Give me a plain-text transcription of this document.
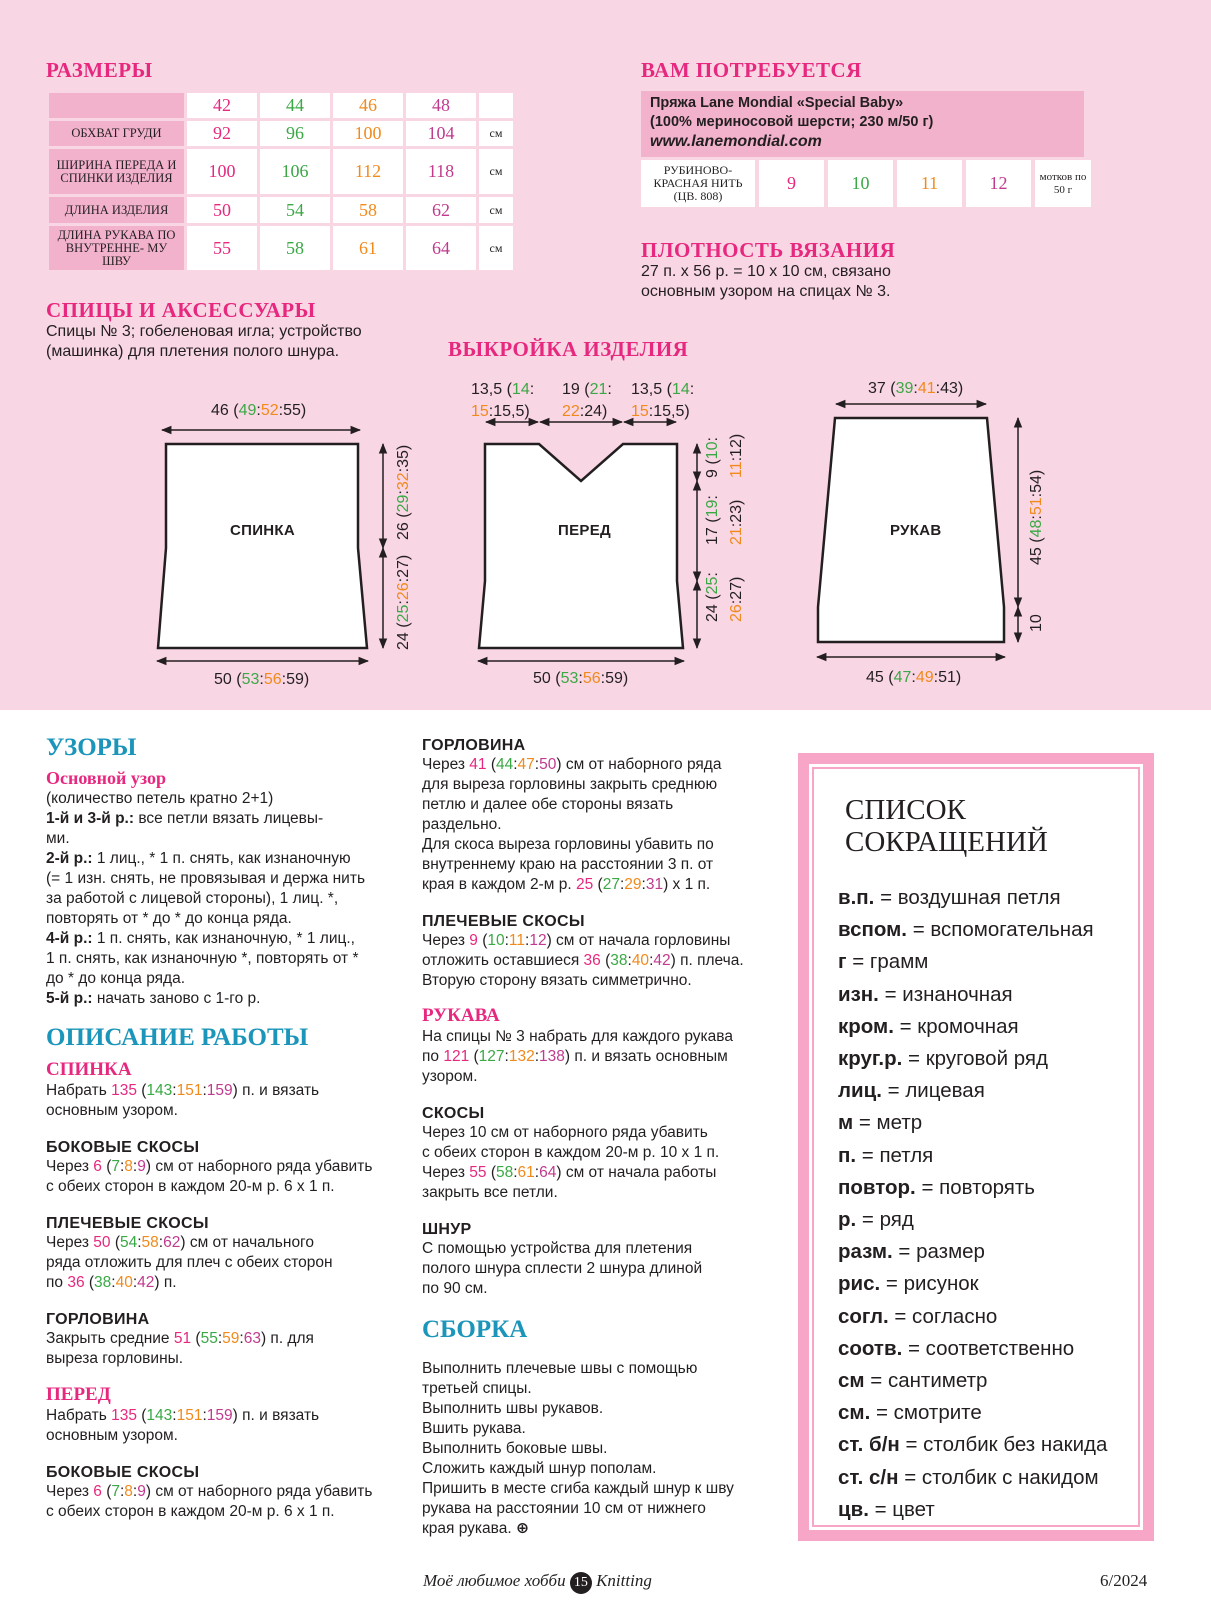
РАЗМЕРЫ
	42	44	46	48	
ОБХВАТ ГРУДИ	92	96	100	104	см
ШИРИНА ПЕРЕДА И СПИНКИ ИЗДЕЛИЯ	100	106	112	118	см
ДЛИНА ИЗДЕЛИЯ	50	54	58	62	см
ДЛИНА РУКАВА ПО ВНУТРЕННЕ- МУ ШВУ	55	58	61	64	см
ВАМ ПОТРЕБУЕТСЯ
Пряжа Lane Mondial «Special Baby»
(100% мериносовой шерсти; 230 м/50 г)
www.lanemondial.com
РУБИНОВО-КРАСНАЯ НИТЬ (ЦВ. 808)
9	10	11	12	мотков по 50 г
ПЛОТНОСТЬ ВЯЗАНИЯ
27 п. х 56 р. = 10 х 10 см, связано
основным узором на спицах № 3.
СПИЦЫ И АКСЕССУАРЫ
Спицы № 3; гобеленовая игла; устройство
(машинка) для плетения полого шнура.	ВЫКРОЙКА ИЗДЕЛИЯ
46 (49:52:55)
50 (53:56:59)	50 (53:56:59)	45 (47:49:51)
37 (39:41:43)
13,5 (14:
15:15,5)
19 (21:
22:24)
13,5 (14:
15:15,5)
26 (29:32:35)
24 (25:26:27)
9 (10:
11:12)
17 (19:
21:23)
24 (25:
26:27)
45 (48:51:54)
10
СПИНКА	ПЕРЕД	РУКАВ
УЗОРЫ
Основной узор
(количество петель кратно 2+1)
1-й и 3-й р.: все петли вязать лицевы-
ми.
2-й р.: 1 лиц., * 1 п. снять, как изнаночную
(= 1 изн. снять, не провязывая и держа нить
за работой с лицевой стороны), 1 лиц. *,
повторять от * до * до конца ряда.
4-й р.: 1 п. снять, как изнаночную, * 1 лиц.,
1 п. снять, как изнаночную *, повторять от *
до * до конца ряда.
5-й р.: начать заново с 1-го р.
ОПИСАНИЕ РАБОТЫ
СПИНКА
Набрать 135 (143:151:159) п. и вязать
основным узором.
БОКОВЫЕ СКОСЫ
Через 6 (7:8:9) см от наборного ряда убавить
с обеих сторон в каждом 20-м р. 6 х 1 п.
ПЛЕЧЕВЫЕ СКОСЫ
Через 50 (54:58:62) см от начального
ряда отложить для плеч с обеих сторон
по 36 (38:40:42) п.
ГОРЛОВИНА
Закрыть средние 51 (55:59:63) п. для
выреза горловины.
ПЕРЕД
Набрать 135 (143:151:159) п. и вязать
основным узором.
БОКОВЫЕ СКОСЫ
Через 6 (7:8:9) см от наборного ряда убавить
с обеих сторон в каждом 20-м р. 6 х 1 п.
ГОРЛОВИНА
Через 41 (44:47:50) см от наборного ряда
для выреза горловины закрыть среднюю
петлю и далее обе стороны вязать
раздельно.
Для скоса выреза горловины убавить по
внутреннему краю на расстоянии 3 п. от
края в каждом 2-м р. 25 (27:29:31) х 1 п.
ПЛЕЧЕВЫЕ СКОСЫ
Через 9 (10:11:12) см от начала горловины
отложить оставшиеся 36 (38:40:42) п. плеча.
Вторую сторону вязать симметрично.
РУКАВА
На спицы № 3 набрать для каждого рукава
по 121 (127:132:138) п. и вязать основным
узором.
СКОСЫ
Через 10 см от наборного ряда убавить
с обеих сторон в каждом 20-м р. 10 х 1 п.
Через 55 (58:61:64) см от начала работы
закрыть все петли.
ШНУР
С помощью устройства для плетения
полого шнура сплести 2 шнура длиной
по 90 см.
СБОРКА
Выполнить плечевые швы с помощью
третьей спицы.
Выполнить швы рукавов.
Вшить рукава.
Выполнить боковые швы.
Сложить каждый шнур пополам.
Пришить в месте сгиба каждый шнур к шву
рукава на расстоянии 10 см от нижнего
края рукава. ⊕
СПИСОК
СОКРАЩЕНИЙ
в.п. = воздушная петля
вспом. = вспомогательная
г = грамм
изн. = изнаночная
кром. = кромочная
круг.р. = круговой ряд
лиц. = лицевая
м = метр
п. = петля
повтор. = повторять
р. = ряд
разм. = размер
рис. = рисунок
согл. = согласно
соотв. = соответственно
см = сантиметр
см. = смотрите
ст. б/н = столбик без накида
ст. с/н = столбик с накидом
цв. = цвет
Моё любимое хобби 15 Knitting	6/2024
